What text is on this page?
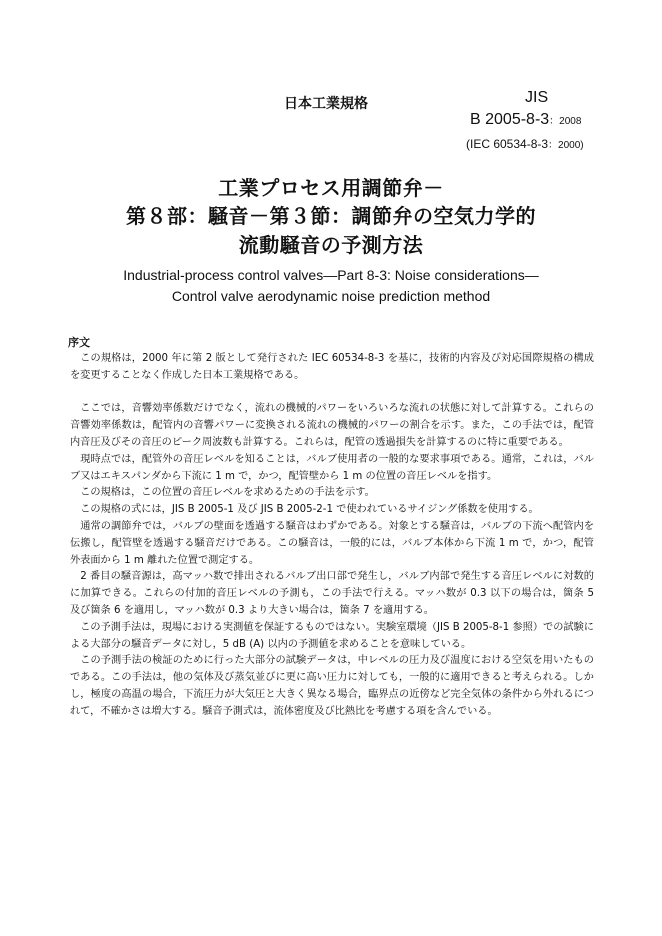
日本工業規格	JIS
B 2005-8-3：2008
(IEC 60534-8-3：2000)
工業プロセス用調節弁－
第８部：騒音－第３節：調節弁の空気力学的
流動騒音の予測方法
Industrial-process control valves—Part 8-3: Noise considerations—
Control valve aerodynamic noise prediction method
序文

この規格は，2000 年に第 2 版として発行された IEC 60534-8-3 を基に，技術的内容及び対応国際規格の構成を変更することなく作成した日本工業規格である。

ここでは，音響効率係数だけでなく，流れの機械的パワーをいろいろな流れの状態に対して計算する。これらの音響効率係数は，配管内の音響パワーに変換される流れの機械的パワーの割合を示す。また，この手法では，配管内音圧及びその音圧のピーク周波数も計算する。これらは，配管の透過損失を計算するのに特に重要である。

現時点では，配管外の音圧レベルを知ることは，バルブ使用者の一般的な要求事項である。通常，これは，バルブ又はエキスパンダから下流に 1 m で，かつ，配管壁から 1 m の位置の音圧レベルを指す。

この規格は，この位置の音圧レベルを求めるための手法を示す。

この規格の式には，JIS B 2005-1 及び JIS B 2005-2-1 で使われているサイジング係数を使用する。

通常の調節弁では，バルブの壁面を透過する騒音はわずかである。対象とする騒音は，バルブの下流へ配管内を伝搬し，配管壁を透過する騒音だけである。この騒音は，一般的には，バルブ本体から下流 1 m で，かつ，配管外表面から 1 m 離れた位置で測定する。

2 番目の騒音源は，高マッハ数で排出されるバルブ出口部で発生し，バルブ内部で発生する音圧レベルに対数的に加算できる。これらの付加的音圧レベルの予測も，この手法で行える。マッハ数が 0.3 以下の場合は，箇条 5 及び箇条 6 を適用し，マッハ数が 0.3 より大きい場合は，箇条 7 を適用する。

この予測手法は，現場における実測値を保証するものではない。実験室環境（JIS B 2005-8-1 参照）での試験による大部分の騒音データに対し，5 dB (A) 以内の予測値を求めることを意味している。

この予測手法の検証のために行った大部分の試験データは，中レベルの圧力及び温度における空気を用いたものである。この手法は，他の気体及び蒸気並びに更に高い圧力に対しても，一般的に適用できると考えられる。しかし，極度の高温の場合，下流圧力が大気圧と大きく異なる場合，臨界点の近傍など完全気体の条件から外れるにつれて，不確かさは増大する。騒音予測式は，流体密度及び比熱比を考慮する項を含んでいる。
